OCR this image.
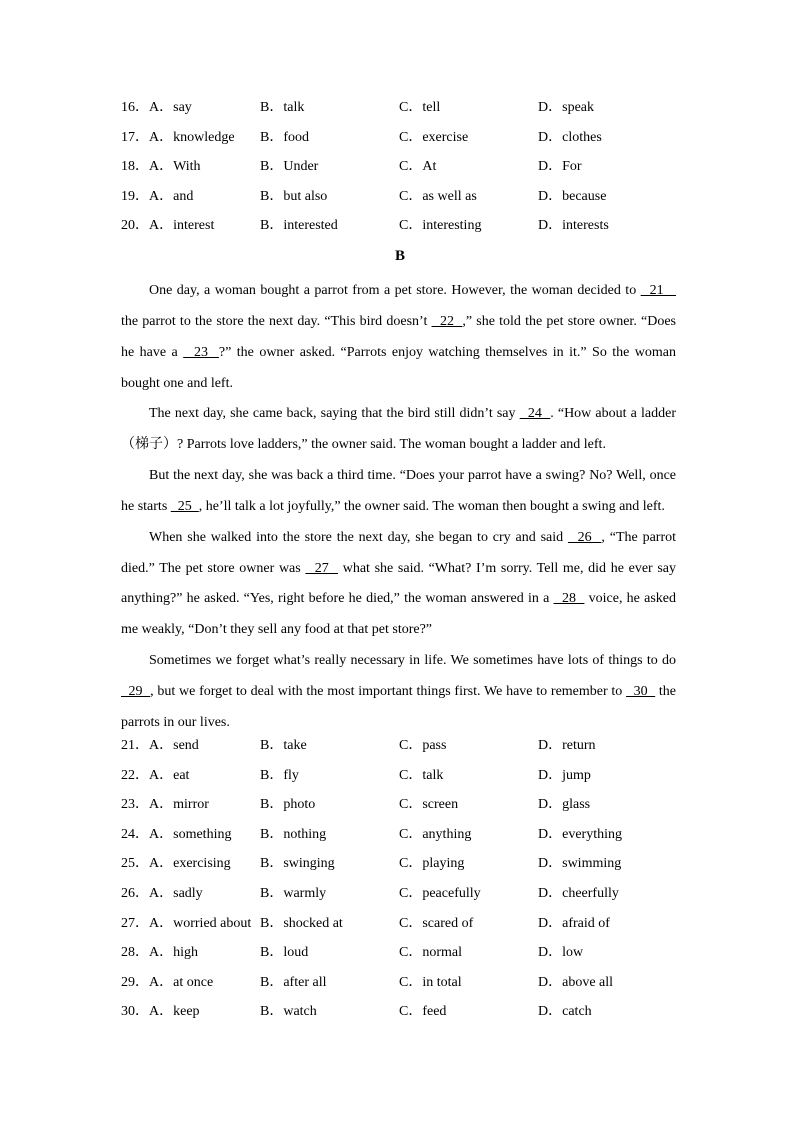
16．A．say	B．talk	C．tell	D．speak
17．A．knowledge B．food	C．exercise	D．clothes
18．A．With	B．Under	C．At	D．For
19．A．and	B．but also	C．as well as	D．because
20．A．interest	B．interested	C．interesting	D．interests
B

One day, a woman bought a parrot from a pet store. However, the woman decided to   21    the parrot to the store the next day. “This bird doesn’t   22  ,” she told the pet store owner. “Does he have a   23  ?” the owner asked. “Parrots enjoy watching themselves in it.” So the woman bought one and left.

The next day, she came back, saying that the bird still didn’t say   24  . “How about a ladder（梯子）? Parrots love ladders,” the owner said. The woman bought a ladder and left.

But the next day, she was back a third time. “Does your parrot have a swing? No? Well, once he starts   25  , he’ll talk a lot joyfully,” the owner said. The woman then bought a swing and left.

When she walked into the store the next day, she began to cry and said   26  , “The parrot died.” The pet store owner was   27   what she said. “What? I’m sorry. Tell me, did he ever say anything?” he asked. “Yes, right before he died,” the woman answered in a   28   voice, he asked me weakly, “Don’t they sell any food at that pet store?”

Sometimes we forget what’s really necessary in life. We sometimes have lots of things to do   29  , but we forget to deal with the most important things first. We have to remember to   30   the parrots in our lives.

21．A．send	B．take	C．pass	D．return
22．A．eat	B．fly	C．talk	D．jump
23．A．mirror	B．photo	C．screen	D．glass
24．A．something B．nothing	C．anything	D．everything
25．A．exercising B．swinging	C．playing	D．swimming
26．A．sadly	B．warmly	C．peacefully	D．cheerfully
27．A．worried about B．shocked at	C．scared of	D．afraid of
28．A．high	B．loud	C．normal	D．low
29．A．at once	B．after all	C．in total	D．above all
30．A．keep	B．watch	C．feed	D．catch
